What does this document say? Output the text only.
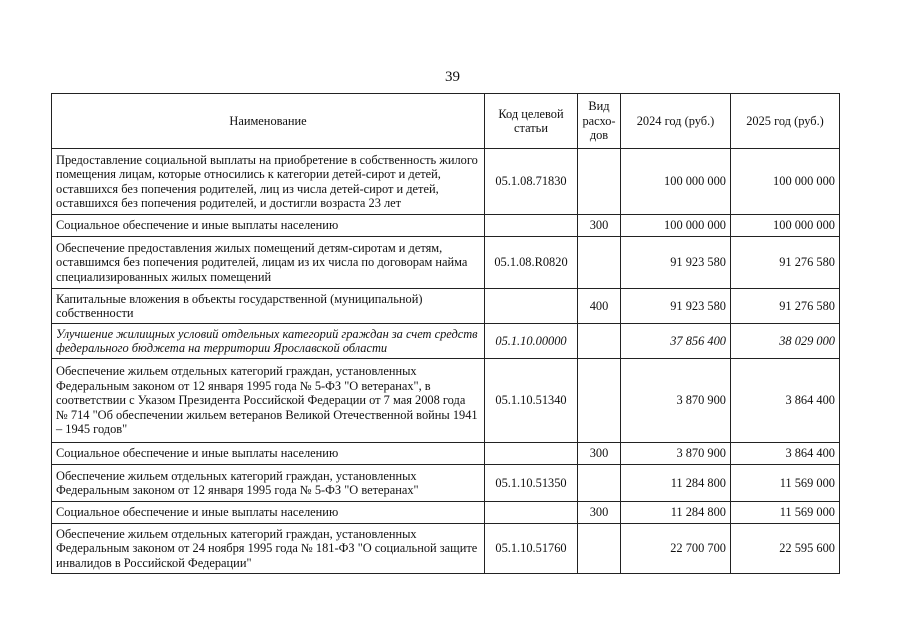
39
Наименование	Код целевой статьи	Вид расхо-дов	2024 год (руб.)	2025 год (руб.)
Предоставление социальной выплаты на приобретение в собственность жилого помещения лицам, которые относились к категории детей-сирот и детей, оставшихся без попечения родителей, лиц из числа детей-сирот и детей, оставшихся без попечения родителей, и достигли возраста 23 лет	05.1.08.71830		100 000 000	100 000 000
Социальное обеспечение и иные выплаты населению		300	100 000 000	100 000 000
Обеспечение предоставления жилых помещений детям-сиротам и детям, оставшимся без попечения родителей, лицам из их числа по договорам найма специализированных жилых помещений	05.1.08.R0820		91 923 580	91 276 580
Капитальные вложения в объекты государственной (муниципальной) собственности		400	91 923 580	91 276 580
Улучшение жилищных условий отдельных категорий граждан за счет средств федерального бюджета на территории Ярославской области	05.1.10.00000		37 856 400	38 029 000
Обеспечение жильем отдельных категорий граждан, установленных Федеральным законом от 12 января 1995 года № 5-ФЗ "О ветеранах", в соответствии с Указом Президента Российской Федерации от 7 мая 2008 года № 714 "Об обеспечении жильем ветеранов Великой Отечественной войны 1941 – 1945 годов"	05.1.10.51340		3 870 900	3 864 400
Социальное обеспечение и иные выплаты населению		300	3 870 900	3 864 400
Обеспечение жильем отдельных категорий граждан, установленных Федеральным законом от 12 января 1995 года № 5-ФЗ "О ветеранах"	05.1.10.51350		11 284 800	11 569 000
Социальное обеспечение и иные выплаты населению		300	11 284 800	11 569 000
Обеспечение жильем отдельных категорий граждан, установленных Федеральным законом от 24 ноября 1995 года № 181-ФЗ "О социальной защите инвалидов в Российской Федерации"	05.1.10.51760		22 700 700	22 595 600
